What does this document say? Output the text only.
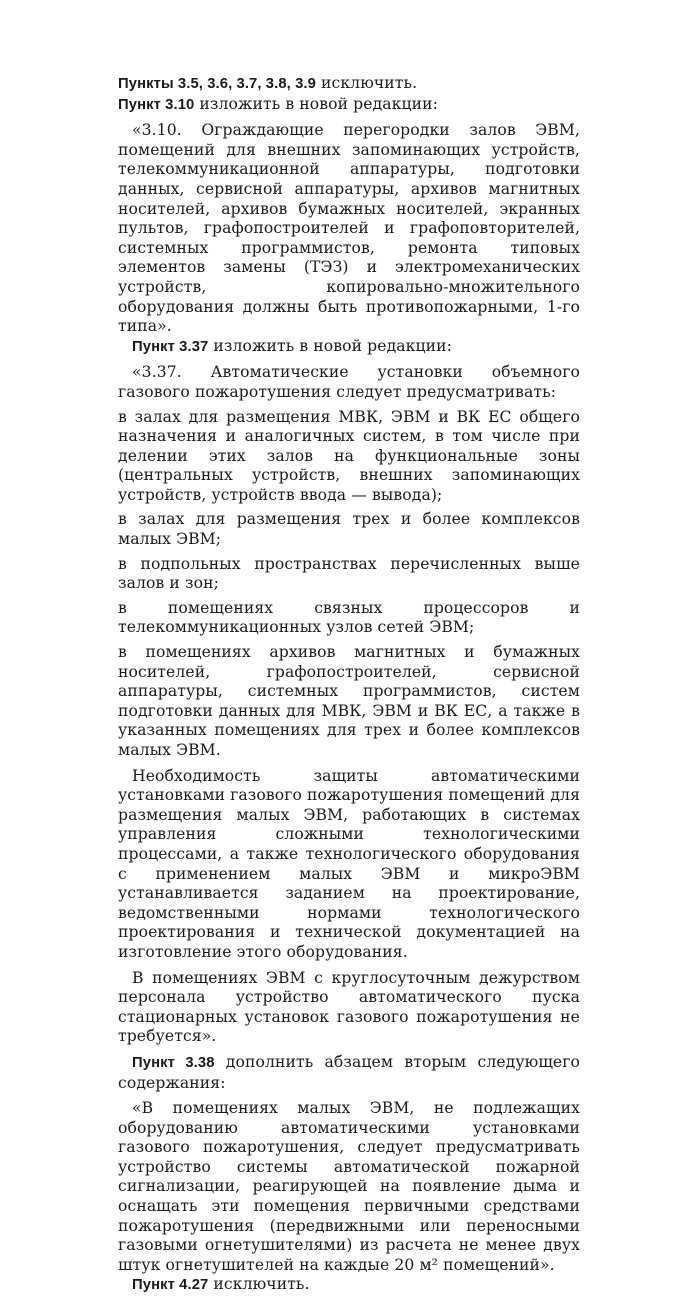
Пункты 3.5, 3.6, 3.7, 3.8, 3.9 исключить.

Пункт 3.10 изложить в новой редакции:

«3.10. Ограждающие перегородки залов ЭВМ, помещений для внешних запоминающих устройств, телекоммуникационной аппаратуры, подготовки данных, сервисной аппаратуры, архивов магнитных носителей, архивов бумажных носителей, экранных пультов, графопостроителей и графоповторителей, системных программистов, ремонта типовых элементов замены (ТЭЗ) и электромеханических устройств, копировально-множительного оборудования должны быть противопожарными, 1-го типа».

Пункт 3.37 изложить в новой редакции:

«3.37. Автоматические установки объемного газового пожаротушения следует предусматривать:

в залах для размещения МВК, ЭВМ и ВК ЕС общего назначения и аналогичных систем, в том числе при делении этих залов на функциональные зоны (центральных устройств, внешних запоминающих устройств, устройств ввода — вывода);

в залах для размещения трех и более комплексов малых ЭВМ;

в подпольных пространствах перечисленных выше залов и зон;

в помещениях связных процессоров и телекоммуникационных узлов сетей ЭВМ;

в помещениях архивов магнитных и бумажных носителей, графопостроителей, сервисной аппаратуры, системных программистов, систем подготовки данных для МВК, ЭВМ и ВК ЕС, а также в указанных помещениях для трех и более комплексов малых ЭВМ.

Необходимость защиты автоматическими установками газового пожаротушения помещений для размещения малых ЭВМ, работающих в системах управления сложными технологическими процессами, а также технологического оборудования с применением малых ЭВМ и микроЭВМ устанавливается заданием на проектирование, ведомственными нормами технологического проектирования и технической документацией на изготовление этого оборудования.

В помещениях ЭВМ с круглосуточным дежурством персонала устройство автоматического пуска стационарных установок газового пожаротушения не требуется».

Пункт 3.38 дополнить абзацем вторым следующего содержания:

«В помещениях малых ЭВМ, не подлежащих оборудованию автоматическими установками газового пожаротушения, следует предусматривать устройство системы автоматической пожарной сигнализации, реагирующей на появление дыма и оснащать эти помещения первичными средствами пожаротушения (передвижными или переносными газовыми огнетушителями) из расчета не менее двух штук огнетушителей на каждые 20 м² помещений».

Пункт 4.27 исключить.
